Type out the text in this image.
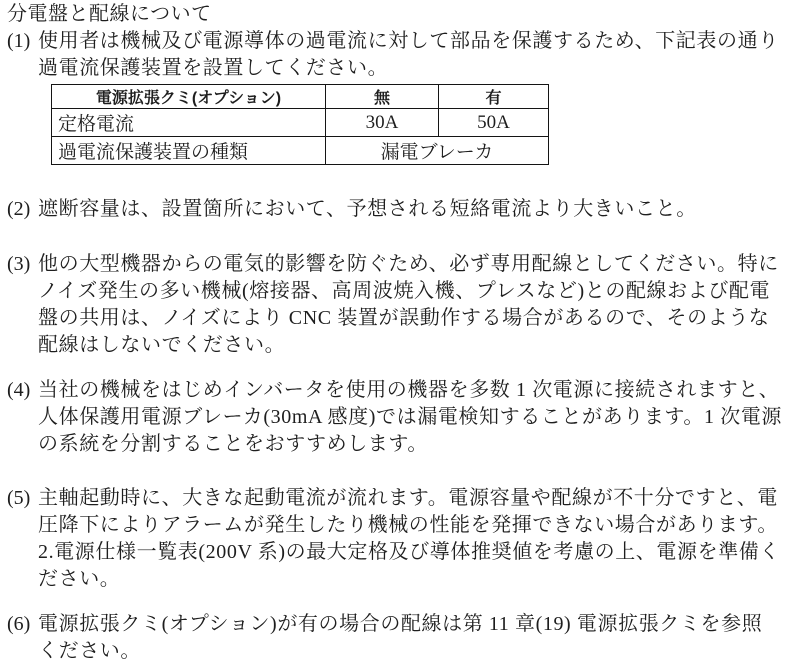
分電盤と配線について
(1) 使用者は機械及び電源導体の過電流に対して部品を保護するため、下記表の通り
過電流保護装置を設置してください。
電源拡張クミ(オプション)	無	有
定格電流	30A	50A
過電流保護装置の種類	漏電ブレーカ	
(2) 遮断容量は、設置箇所において、予想される短絡電流より大きいこと。
(3) 他の大型機器からの電気的影響を防ぐため、必ず専用配線としてください。特に
ノイズ発生の多い機械(熔接器、高周波焼入機、プレスなど)との配線および配電
盤の共用は、ノイズにより CNC 装置が誤動作する場合があるので、そのような
配線はしないでください。
(4) 当社の機械をはじめインバータを使用の機器を多数 1 次電源に接続されますと、
人体保護用電源ブレーカ(30mA 感度)では漏電検知することがあります。1 次電源
の系統を分割することをおすすめします。
(5) 主軸起動時に、大きな起動電流が流れます。電源容量や配線が不十分ですと、電
圧降下によりアラームが発生したり機械の性能を発揮できない場合があります。
2.電源仕様一覧表(200V 系)の最大定格及び導体推奨値を考慮の上、電源を準備く
ださい。
(6) 電源拡張クミ(オプション)が有の場合の配線は第 11 章(19) 電源拡張クミを参照
ください。
